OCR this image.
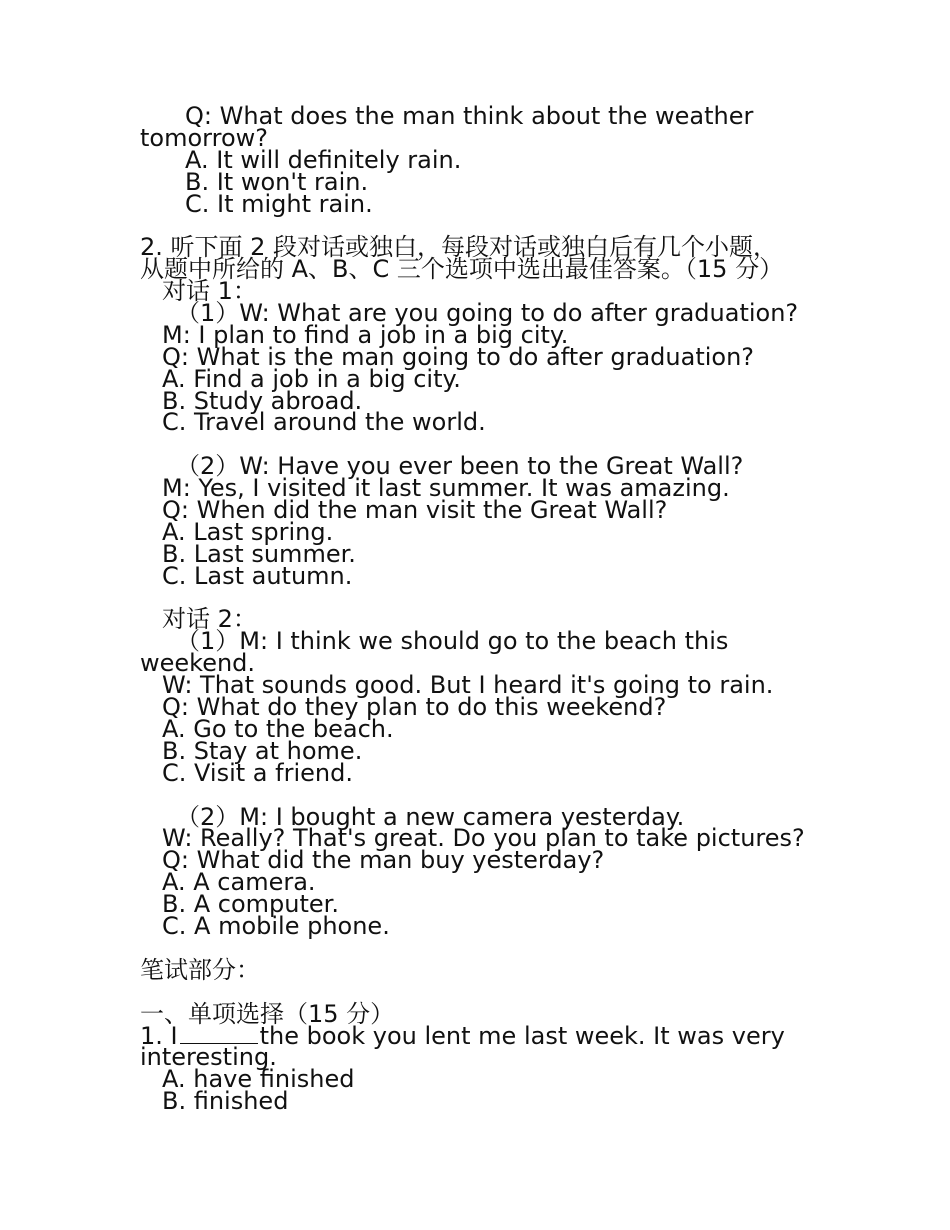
Q: What does the man think about the weather
tomorrow?
A. It will definitely rain.
B. It won't rain.
C. It might rain.
2. 听下面 2 段对话或独白，每段对话或独白后有几个小题，
从题中所给的 A、B、C 三个选项中选出最佳答案。（15 分）
对话 1：
（1）W: What are you going to do after graduation?
M: I plan to find a job in a big city.
Q: What is the man going to do after graduation?
A. Find a job in a big city.
B. Study abroad.
C. Travel around the world.
（2）W: Have you ever been to the Great Wall?
M: Yes, I visited it last summer. It was amazing.
Q: When did the man visit the Great Wall?
A. Last spring.
B. Last summer.
C. Last autumn.
对话 2：
（1）M: I think we should go to the beach this
weekend.
W: That sounds good. But I heard it's going to rain.
Q: What do they plan to do this weekend?
A. Go to the beach.
B. Stay at home.
C. Visit a friend.
（2）M: I bought a new camera yesterday.
W: Really? That's great. Do you plan to take pictures?
Q: What did the man buy yesterday?
A. A camera.
B. A computer.
C. A mobile phone.
笔试部分：
一、单项选择（15 分）
1. I	the book you lent me last week. It was very
interesting.
A. have finished
B. finished
